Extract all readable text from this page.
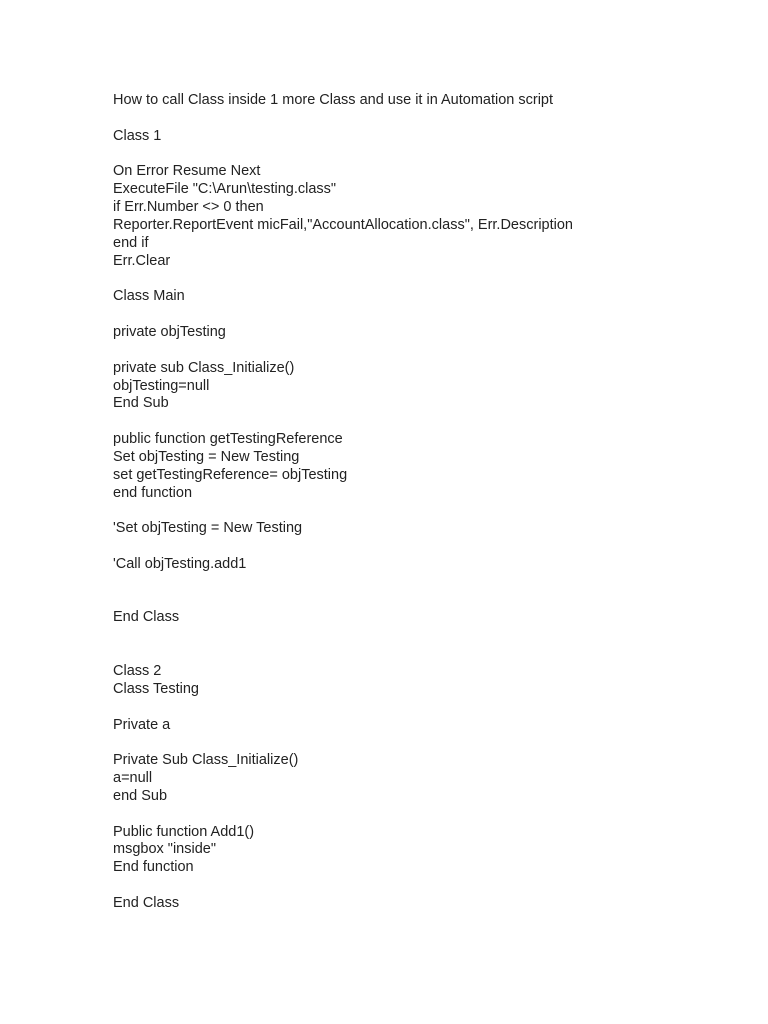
How to call Class inside 1 more Class and use it in Automation script
Class 1
On Error Resume Next
ExecuteFile "C:\Arun\testing.class"
if Err.Number <> 0 then
Reporter.ReportEvent micFail,"AccountAllocation.class", Err.Description
end if
Err.Clear
Class Main
private objTesting
private sub Class_Initialize()
objTesting=null
End Sub
public function getTestingReference
Set objTesting = New Testing
set getTestingReference= objTesting
end function
'Set objTesting = New Testing
'Call objTesting.add1
End Class
Class 2
Class Testing
Private a
Private Sub Class_Initialize()
a=null
end Sub
Public function Add1()
msgbox "inside"
End function
End Class
